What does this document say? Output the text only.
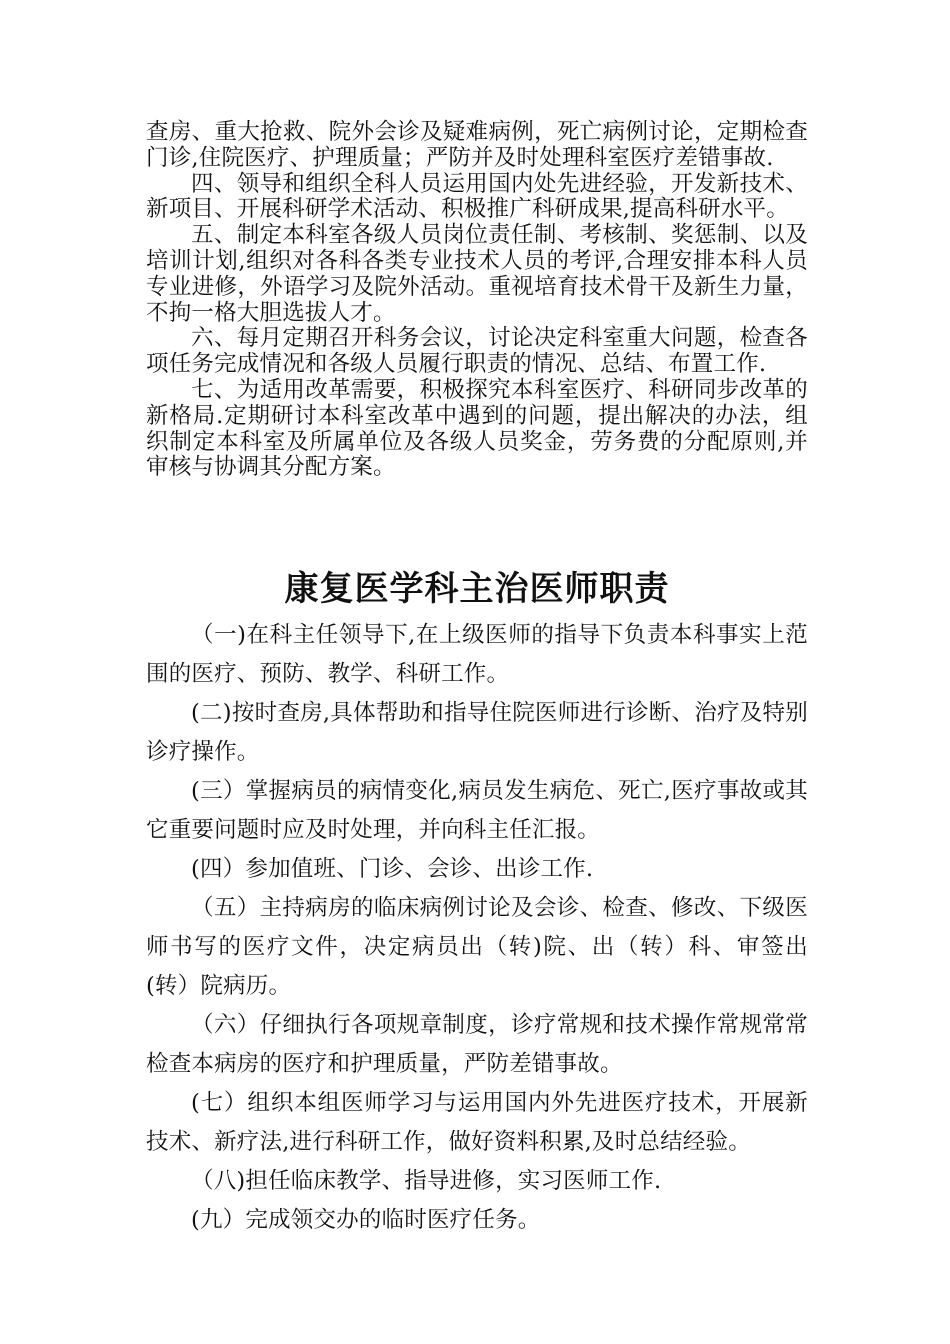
查房、重大抢救、院外会诊及疑难病例，死亡病例讨论，定期检查门诊,住院医疗、护理质量；严防并及时处理科室医疗差错事故.

四、领导和组织全科人员运用国内处先进经验，开发新技术、新项目、开展科研学术活动、积极推广科研成果,提高科研水平。

五、制定本科室各级人员岗位责任制、考核制、奖惩制、以及培训计划,组织对各科各类专业技术人员的考评,合理安排本科人员专业进修，外语学习及院外活动。重视培育技术骨干及新生力量，不拘一格大胆选拔人才。

六、每月定期召开科务会议，讨论决定科室重大问题，检查各项任务完成情况和各级人员履行职责的情况、总结、布置工作.

七、为适用改革需要，积极探究本科室医疗、科研同步改革的新格局.定期研讨本科室改革中遇到的问题，提出解决的办法，组织制定本科室及所属单位及各级人员奖金，劳务费的分配原则,并审核与协调其分配方案。

康复医学科主治医师职责

（一)在科主任领导下,在上级医师的指导下负责本科事实上范围的医疗、预防、教学、科研工作。

(二)按时查房,具体帮助和指导住院医师进行诊断、治疗及特别诊疗操作。

(三）掌握病员的病情变化,病员发生病危、死亡,医疗事故或其它重要问题时应及时处理，并向科主任汇报。

(四）参加值班、门诊、会诊、出诊工作.

（五）主持病房的临床病例讨论及会诊、检查、修改、下级医师书写的医疗文件，决定病员出（转)院、出（转）科、审签出(转）院病历。

（六）仔细执行各项规章制度，诊疗常规和技术操作常规常常检查本病房的医疗和护理质量，严防差错事故。

(七）组织本组医师学习与运用国内外先进医疗技术，开展新技术、新疗法,进行科研工作，做好资料积累,及时总结经验。

（八)担任临床教学、指导进修，实习医师工作.

(九）完成领交办的临时医疗任务。
